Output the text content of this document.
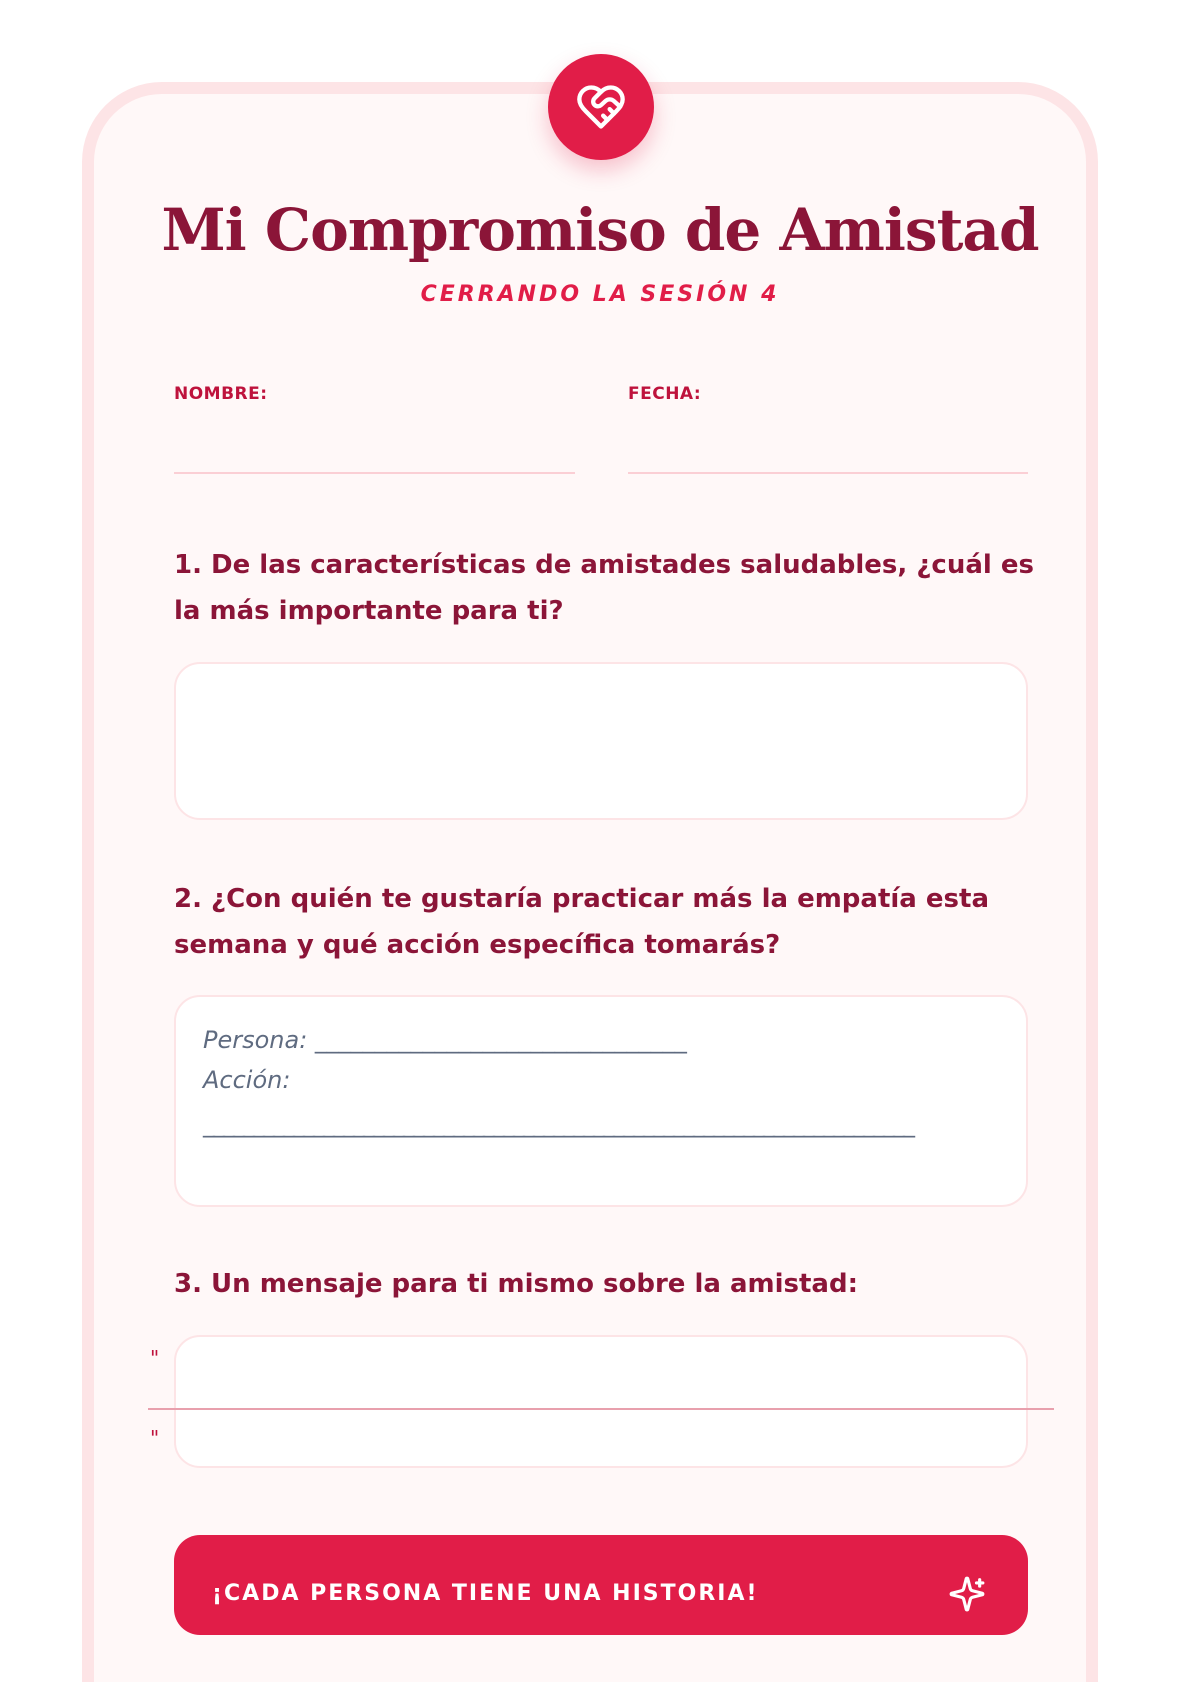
Mi Compromiso de Amistad
CERRANDO LA SESIÓN 4
NOMBRE:	FECHA:

1. De las características de amistades saludables, ¿cuál es la más importante para ti?

2. ¿Con quién te gustaría practicar más la empatía esta semana y qué acción específica tomarás?

Persona: _______________________________
Acción:
_______________________________________________________________________

3. Un mensaje para ti mismo sobre la amistad:

"
"
¡CADA PERSONA TIENE UNA HISTORIA!
